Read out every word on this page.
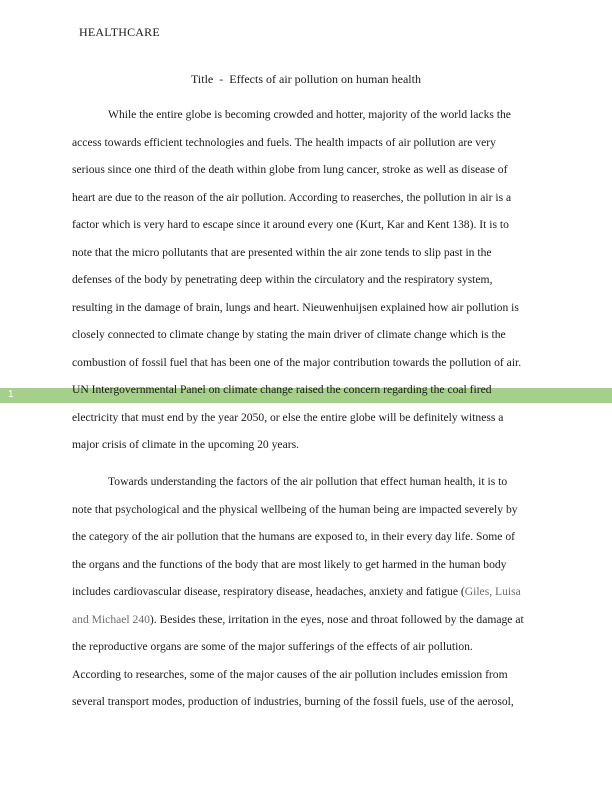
1
HEALTHCARE
Title  -  Effects of air pollution on human health
While the entire globe is becoming crowded and hotter, majority of the world lacks the
access towards efficient technologies and fuels. The health impacts of air pollution are very
serious since one third of the death within globe from lung cancer, stroke as well as disease of
heart are due to the reason of the air pollution. According to reaserches, the pollution in air is a
factor which is very hard to escape since it around every one (Kurt, Kar and Kent 138). It is to
note that the micro pollutants that are presented within the air zone tends to slip past in the
defenses of the body by penetrating deep within the circulatory and the respiratory system,
resulting in the damage of brain, lungs and heart. Nieuwenhuijsen explained how air pollution is
closely connected to climate change by stating the main driver of climate change which is the
combustion of fossil fuel that has been one of the major contribution towards the pollution of air.
UN Intergovernmental Panel on climate change raised the concern regarding the coal fired
electricity that must end by the year 2050, or else the entire globe will be definitely witness a
major crisis of climate in the upcoming 20 years.
Towards understanding the factors of the air pollution that effect human health, it is to
note that psychological and the physical wellbeing of the human being are impacted severely by
the category of the air pollution that the humans are exposed to, in their every day life. Some of
the organs and the functions of the body that are most likely to get harmed in the human body
includes cardiovascular disease, respiratory disease, headaches, anxiety and fatigue (Giles, Luisa
and Michael 240). Besides these, irritation in the eyes, nose and throat followed by the damage at
the reproductive organs are some of the major sufferings of the effects of air pollution.
According to researches, some of the major causes of the air pollution includes emission from
several transport modes, production of industries, burning of the fossil fuels, use of the aerosol,
